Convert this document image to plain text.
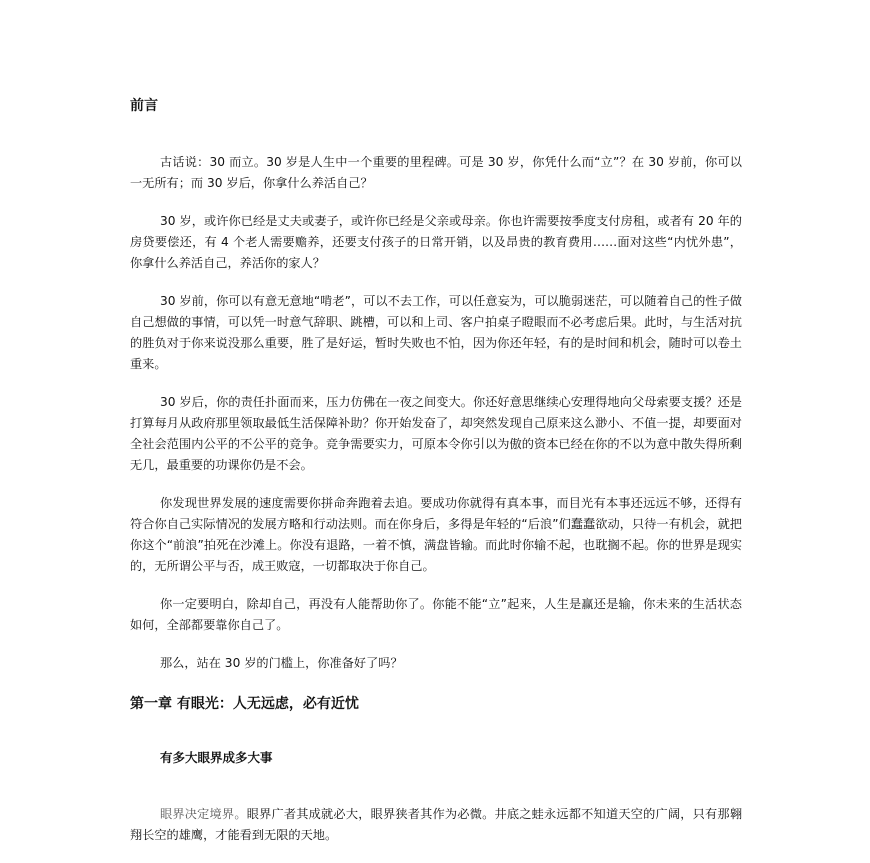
前言

古话说：30 而立。30 岁是人生中一个重要的里程碑。可是 30 岁，你凭什么而“立”？在 30 岁前，你可以一无所有；而 30 岁后，你拿什么养活自己？

30 岁，或许你已经是丈夫或妻子，或许你已经是父亲或母亲。你也许需要按季度支付房租，或者有 20 年的房贷要偿还，有 4 个老人需要赡养，还要支付孩子的日常开销，以及昂贵的教育费用……面对这些“内忧外患”，你拿什么养活自己，养活你的家人？

30 岁前，你可以有意无意地“啃老”，可以不去工作，可以任意妄为，可以脆弱迷茫，可以随着自己的性子做自己想做的事情，可以凭一时意气辞职、跳槽，可以和上司、客户拍桌子瞪眼而不必考虑后果。此时，与生活对抗的胜负对于你来说没那么重要，胜了是好运，暂时失败也不怕，因为你还年轻，有的是时间和机会，随时可以卷土重来。

30 岁后，你的责任扑面而来，压力仿佛在一夜之间变大。你还好意思继续心安理得地向父母索要支援？还是打算每月从政府那里领取最低生活保障补助？你开始发奋了，却突然发现自己原来这么渺小、不值一提，却要面对全社会范围内公平的不公平的竞争。竞争需要实力，可原本令你引以为傲的资本已经在你的不以为意中散失得所剩无几，最重要的功课你仍是不会。

你发现世界发展的速度需要你拼命奔跑着去追。要成功你就得有真本事，而目光有本事还远远不够，还得有符合你自己实际情况的发展方略和行动法则。而在你身后，多得是年轻的“后浪”们蠢蠢欲动，只待一有机会，就把你这个“前浪”拍死在沙滩上。你没有退路，一着不慎，满盘皆输。而此时你输不起，也耽搁不起。你的世界是现实的，无所谓公平与否，成王败寇，一切都取决于你自己。

你一定要明白，除却自己，再没有人能帮助你了。你能不能“立”起来，人生是赢还是输，你未来的生活状态如何，全部都要靠你自己了。

那么，站在 30 岁的门槛上，你准备好了吗？

第一章 有眼光：人无远虑，必有近忧
有多大眼界成多大事

眼界决定境界。眼界广者其成就必大，眼界狭者其作为必微。井底之蛙永远都不知道天空的广阔，只有那翱翔长空的雄鹰，才能看到无限的天地。
